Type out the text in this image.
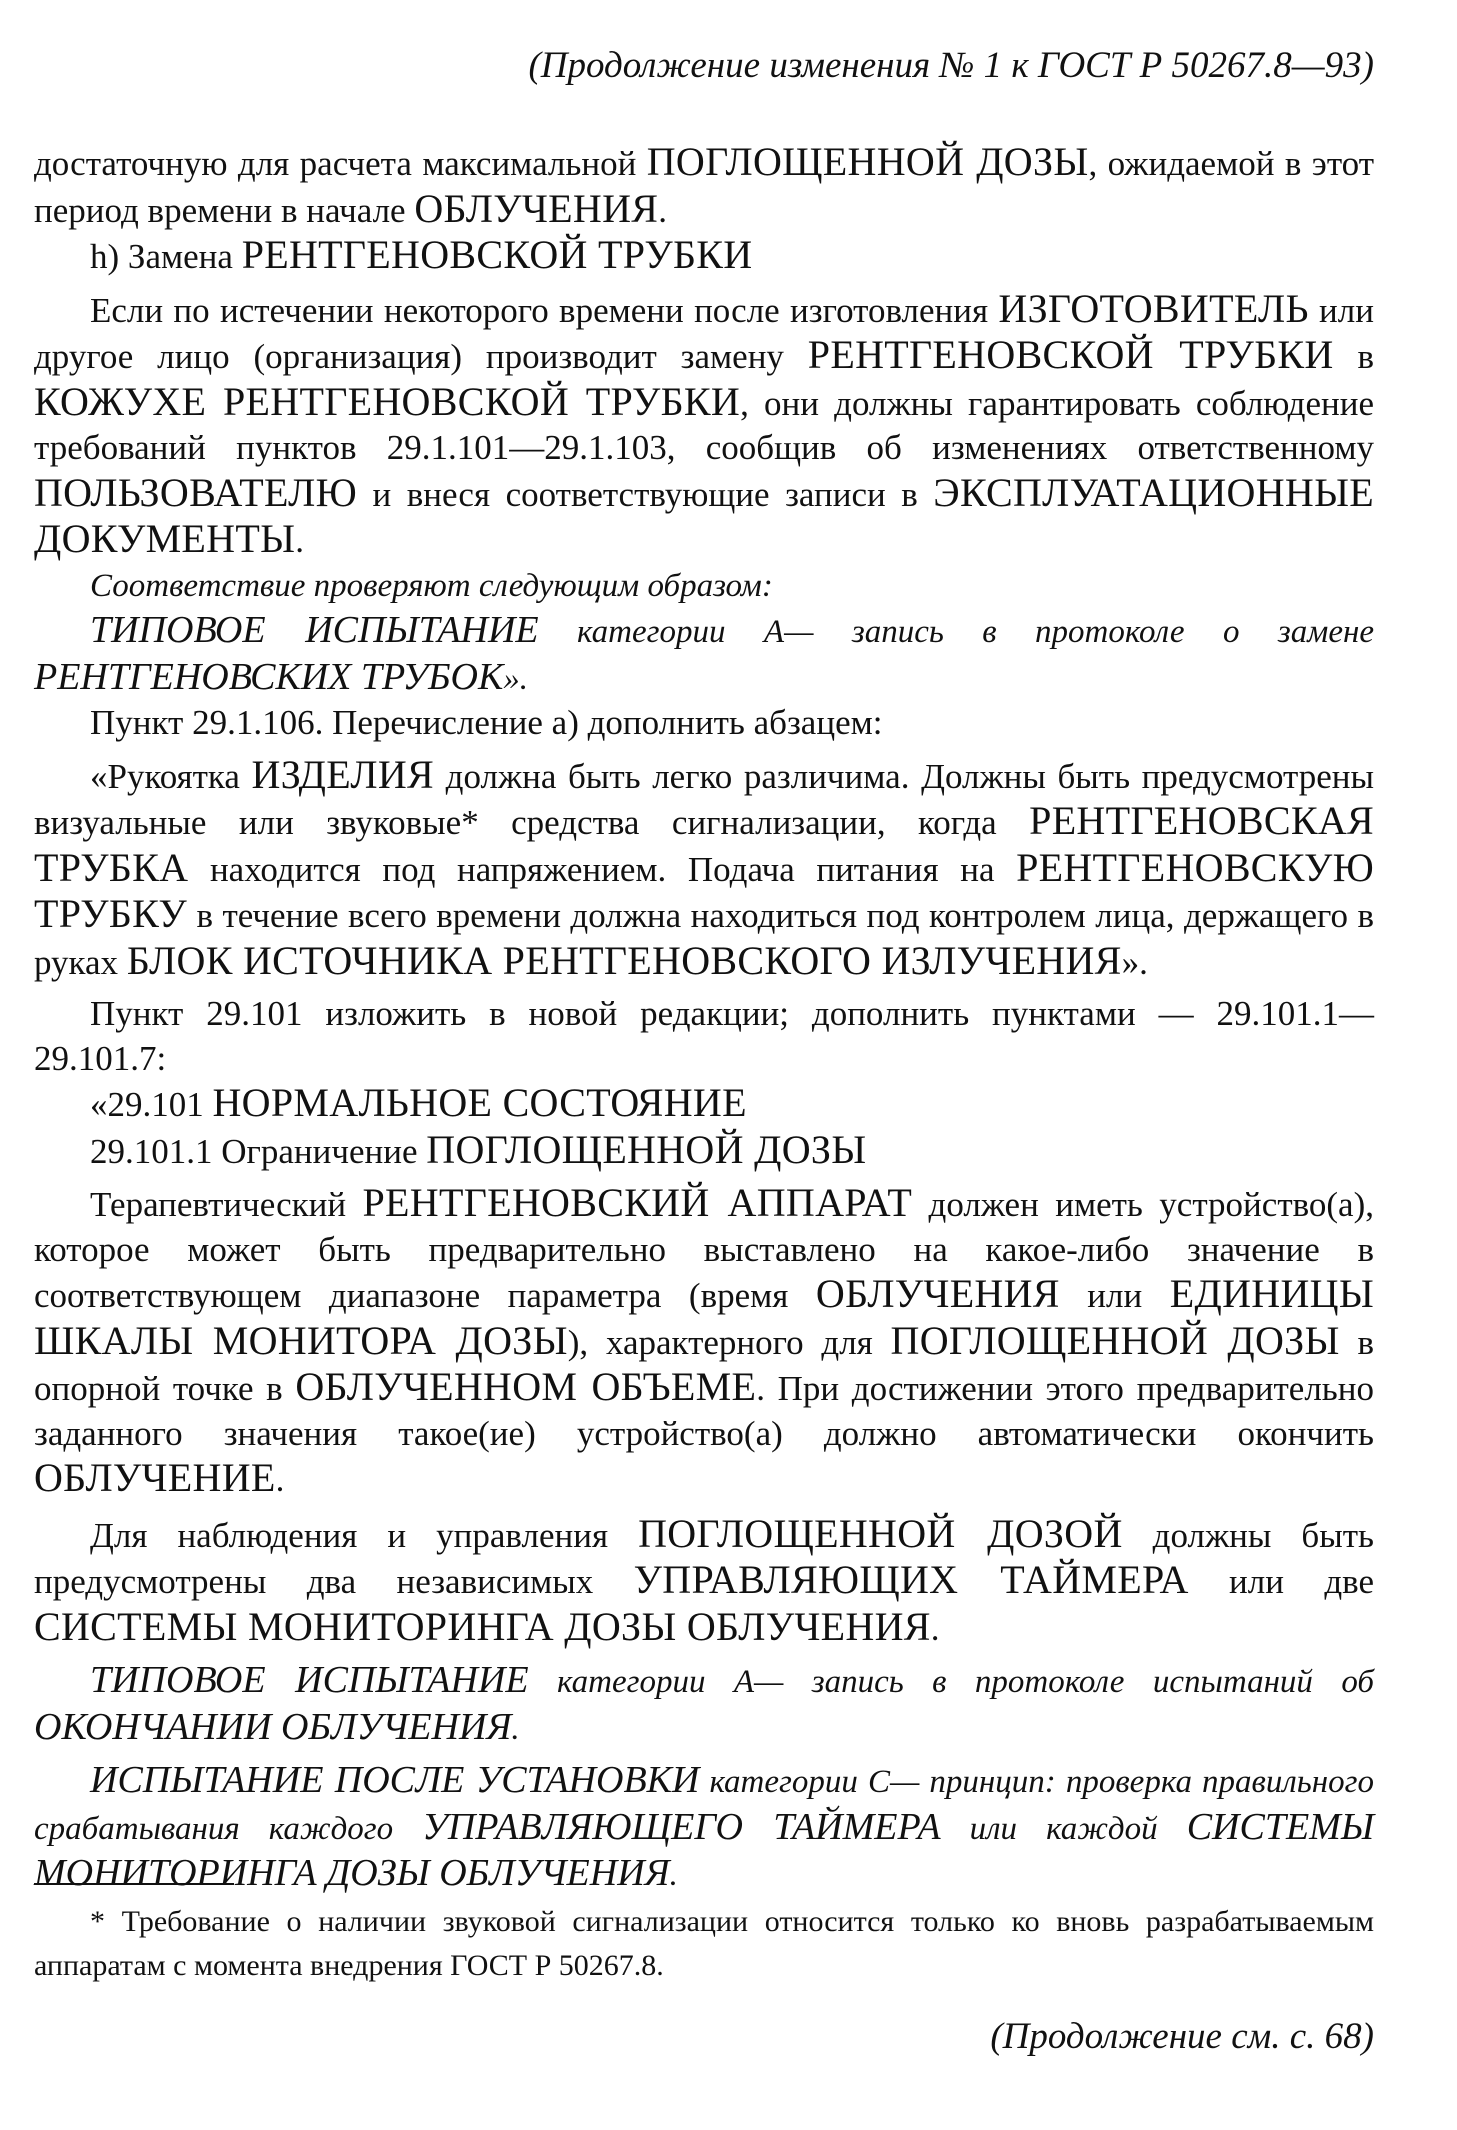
(Продолжение изменения № 1 к ГОСТ Р 50267.8—93)

достаточную для расчета максимальной ПОГЛОЩЕННОЙ ДОЗЫ, ожидаемой в этот период времени в начале ОБЛУЧЕНИЯ.

h) Замена РЕНТГЕНОВСКОЙ ТРУБКИ

Если по истечении некоторого времени после изготовления ИЗГОТОВИТЕЛЬ или другое лицо (организация) производит замену РЕНТГЕНОВСКОЙ ТРУБКИ в КОЖУХЕ РЕНТГЕНОВСКОЙ ТРУБКИ, они должны гарантировать соблюдение требований пунктов 29.1.101—29.1.103, сообщив об изменениях ответственному ПОЛЬЗОВАТЕЛЮ и внеся соответствующие записи в ЭКСПЛУАТАЦИОННЫЕ ДОКУМЕНТЫ.

Соответствие проверяют следующим образом:

ТИПОВОЕ ИСПЫТАНИЕ категории А— запись в протоколе о замене РЕНТГЕНОВСКИХ ТРУБОК».

Пункт 29.1.106. Перечисление а) дополнить абзацем:

«Рукоятка ИЗДЕЛИЯ должна быть легко различима. Должны быть предусмотрены визуальные или звуковые* средства сигнализации, когда РЕНТГЕНОВСКАЯ ТРУБКА находится под напряжением. Подача питания на РЕНТГЕНОВСКУЮ ТРУБКУ в течение всего времени должна находиться под контролем лица, держащего в руках БЛОК ИСТОЧНИКА РЕНТГЕНОВСКОГО ИЗЛУЧЕНИЯ».

Пункт 29.101 изложить в новой редакции; дополнить пунктами — 29.101.1—29.101.7:

«29.101 НОРМАЛЬНОЕ СОСТОЯНИЕ

29.101.1 Ограничение ПОГЛОЩЕННОЙ ДОЗЫ

Терапевтический РЕНТГЕНОВСКИЙ АППАРАТ должен иметь устройство(а), которое может быть предварительно выставлено на какое-либо значение в соответствующем диапазоне параметра (время ОБЛУЧЕНИЯ или ЕДИНИЦЫ ШКАЛЫ МОНИТОРА ДОЗЫ), характерного для ПОГЛОЩЕННОЙ ДОЗЫ в опорной точке в ОБЛУЧЕННОМ ОБЪЕМЕ. При достижении этого предварительно заданного значения такое(ие) устройство(а) должно автоматически окончить ОБЛУЧЕНИЕ.

Для наблюдения и управления ПОГЛОЩЕННОЙ ДОЗОЙ должны быть предусмотрены два независимых УПРАВЛЯЮЩИХ ТАЙМЕРА или две СИСТЕМЫ МОНИТОРИНГА ДОЗЫ ОБЛУЧЕНИЯ.

ТИПОВОЕ ИСПЫТАНИЕ категории А— запись в протоколе испытаний об ОКОНЧАНИИ ОБЛУЧЕНИЯ.

ИСПЫТАНИЕ ПОСЛЕ УСТАНОВКИ категории С— принцип: проверка правильного срабатывания каждого УПРАВЛЯЮЩЕГО ТАЙМЕРА или каждой СИСТЕМЫ МОНИТОРИНГА ДОЗЫ ОБЛУЧЕНИЯ.

* Требование о наличии звуковой сигнализации относится только ко вновь разрабатываемым аппаратам с момента внедрения ГОСТ Р 50267.8.

(Продолжение см. с. 68)
